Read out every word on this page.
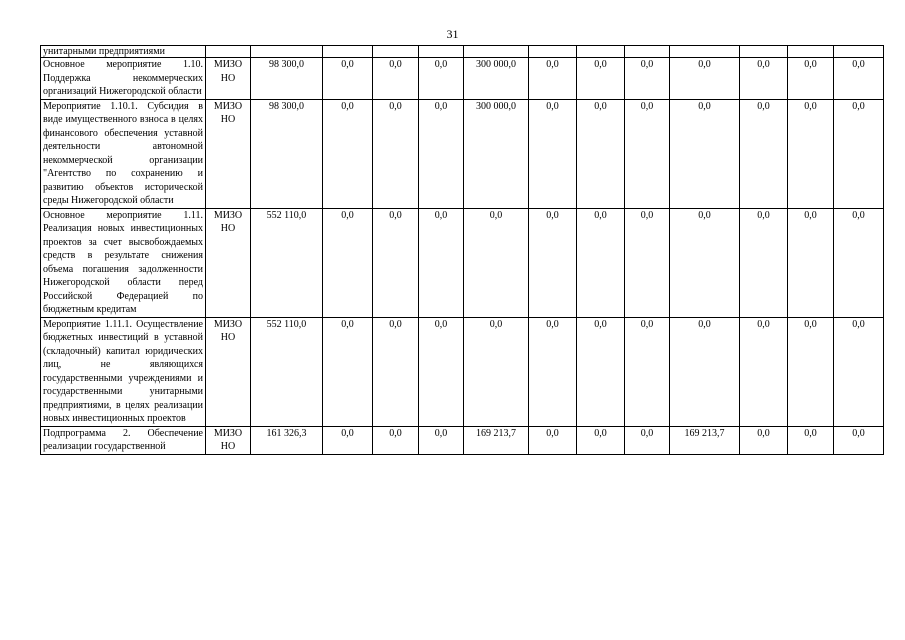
31
унитарными предприятиями													
Основное мероприятие 1.10. Поддержка некоммерческих организаций Нижегородской области	МИЗО НО	98 300,0	0,0	0,0	0,0	300 000,0	0,0	0,0	0,0	0,0	0,0	0,0	0,0
Мероприятие 1.10.1. Субсидия в виде имущественного взноса в целях финансового обеспечения уставной деятельности автономной некоммерческой организации "Агентство по сохранению и развитию объектов исторической среды Нижегородской области	МИЗО НО	98 300,0	0,0	0,0	0,0	300 000,0	0,0	0,0	0,0	0,0	0,0	0,0	0,0
Основное мероприятие 1.11. Реализация новых инвестиционных проектов за счет высвобождаемых средств в результате снижения объема погашения задолженности Нижегородской области перед Российской Федерацией по бюджетным кредитам	МИЗО НО	552 110,0	0,0	0,0	0,0	0,0	0,0	0,0	0,0	0,0	0,0	0,0	0,0
Мероприятие 1.11.1. Осуществление бюджетных инвестиций в уставной (складочный) капитал юридических лиц, не являющихся государственными учреждениями и государственными унитарными предприятиями, в целях реализации новых инвестиционных проектов	МИЗО НО	552 110,0	0,0	0,0	0,0	0,0	0,0	0,0	0,0	0,0	0,0	0,0	0,0
Подпрограмма 2. Обеспечение реализации государственной	МИЗО НО	161 326,3	0,0	0,0	0,0	169 213,7	0,0	0,0	0,0	169 213,7	0,0	0,0	0,0
